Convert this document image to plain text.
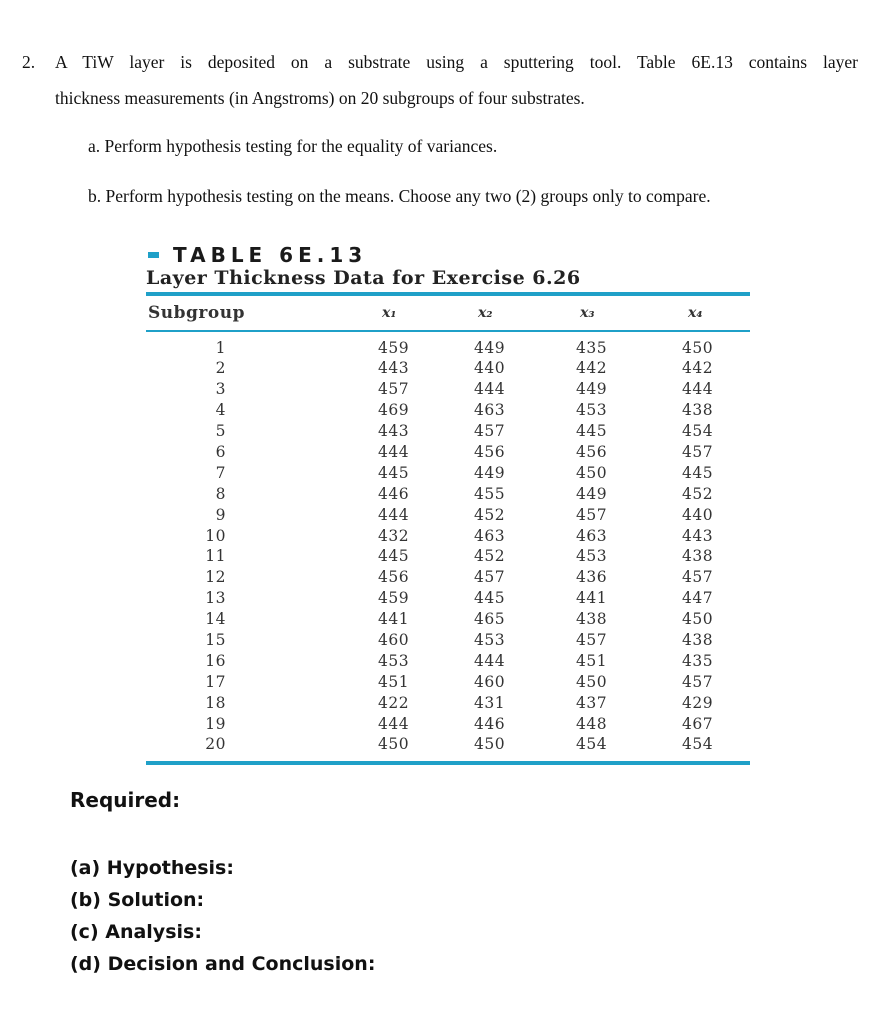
2. A TiW layer is deposited on a substrate using a sputtering tool. Table 6E.13 contains layer
thickness measurements (in Angstroms) on 20 subgroups of four substrates.
a. Perform hypothesis testing for the equality of variances.
b. Perform hypothesis testing on the means. Choose any two (2) groups only to compare.
TABLE 6E.13
Layer Thickness Data for Exercise 6.26
Subgroup	x₁	x₂	x₃	x₄
1	459	449	435	450
2	443	440	442	442
3	457	444	449	444
4	469	463	453	438
5	443	457	445	454
6	444	456	456	457
7	445	449	450	445
8	446	455	449	452
9	444	452	457	440
10	432	463	463	443
11	445	452	453	438
12	456	457	436	457
13	459	445	441	447
14	441	465	438	450
15	460	453	457	438
16	453	444	451	435
17	451	460	450	457
18	422	431	437	429
19	444	446	448	467
20	450	450	454	454
Required:
(a) Hypothesis:
(b) Solution:
(c) Analysis:
(d) Decision and Conclusion:
